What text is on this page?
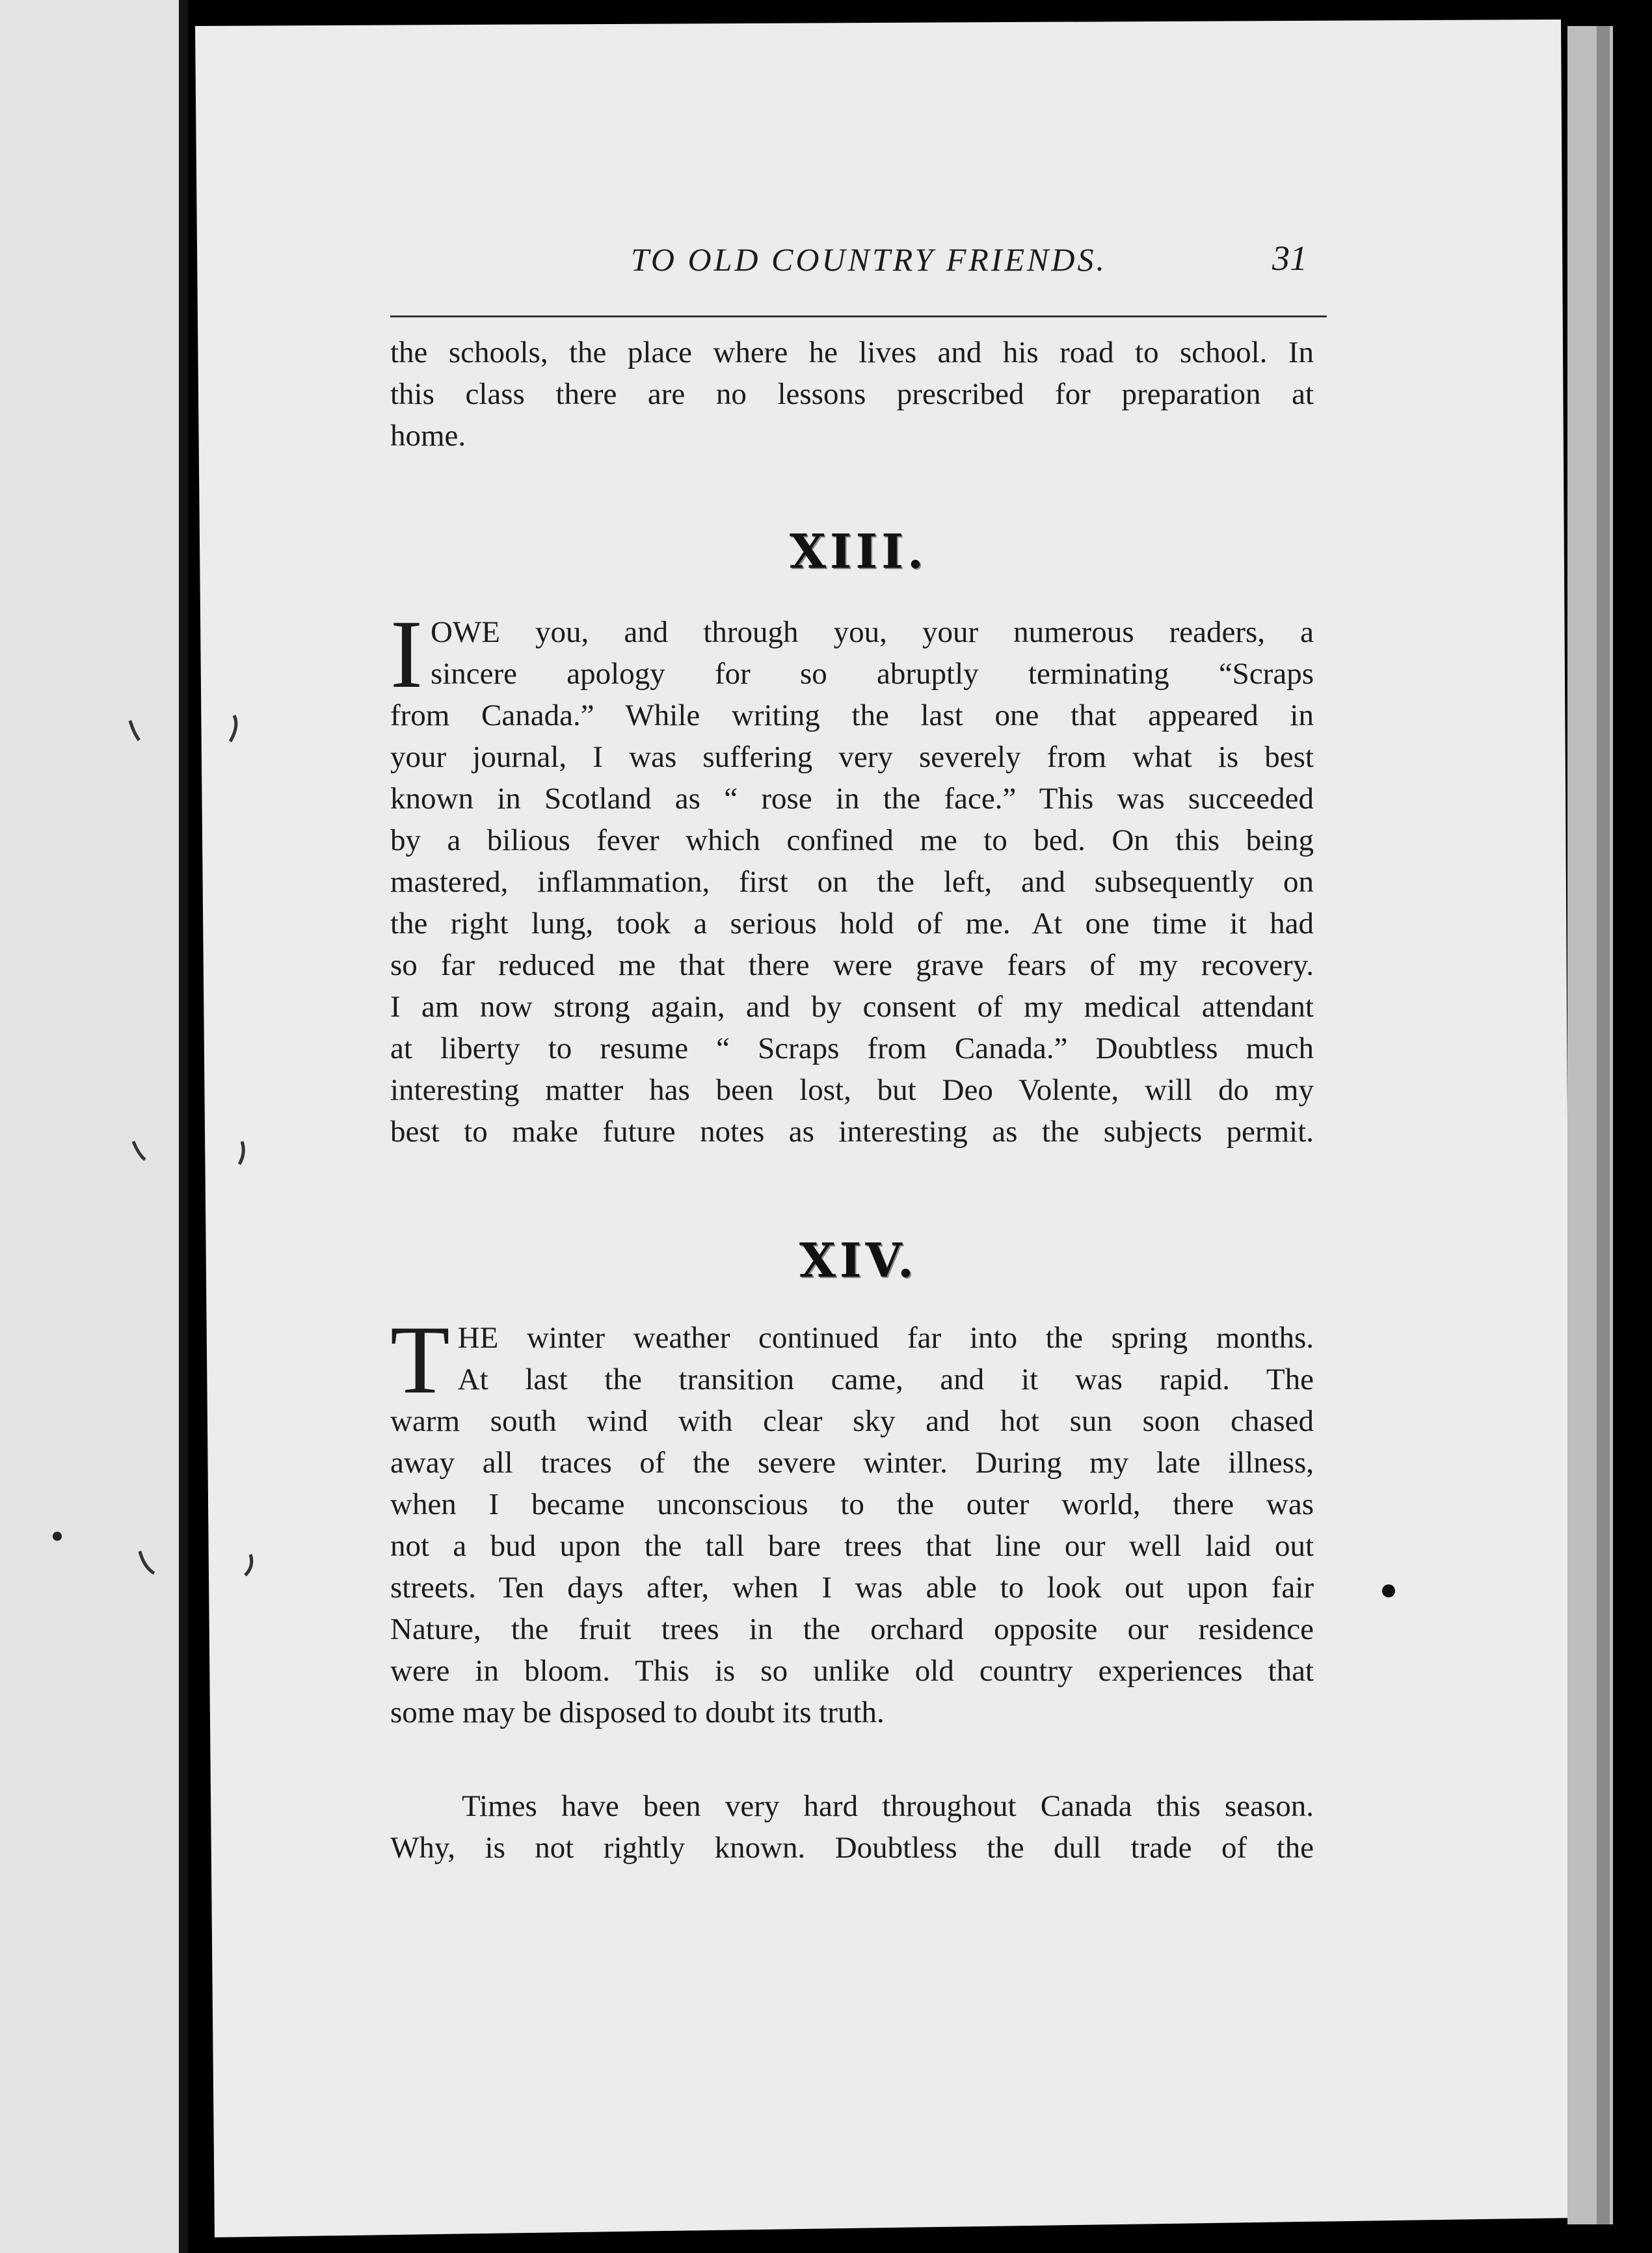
TO OLD COUNTRY FRIENDS.	31
the schools, the place where he lives and his road to school. In
this class there are no lessons prescribed for preparation at
home.
XIII.
I OWE you, and through you, your numerous readers, a
sincere apology for so abruptly terminating “Scraps
from Canada.” While writing the last one that appeared in
your journal, I was suffering very severely from what is best
known in Scotland as “ rose in the face.” This was succeeded
by a bilious fever which confined me to bed. On this being
mastered, inflammation, first on the left, and subsequently on
the right lung, took a serious hold of me. At one time it had
so far reduced me that there were grave fears of my recovery.
I am now strong again, and by consent of my medical attendant
at liberty to resume “ Scraps from Canada.” Doubtless much
interesting matter has been lost, but Deo Volente, will do my
best to make future notes as interesting as the subjects permit.
XIV.
T HE winter weather continued far into the spring months.
At last the transition came, and it was rapid. The
warm south wind with clear sky and hot sun soon chased
away all traces of the severe winter. During my late illness,
when I became unconscious to the outer world, there was
not a bud upon the tall bare trees that line our well laid out
streets. Ten days after, when I was able to look out upon fair
Nature, the fruit trees in the orchard opposite our residence
were in bloom. This is so unlike old country experiences that
some may be disposed to doubt its truth.
Times have been very hard throughout Canada this season.
Why, is not rightly known. Doubtless the dull trade of the
